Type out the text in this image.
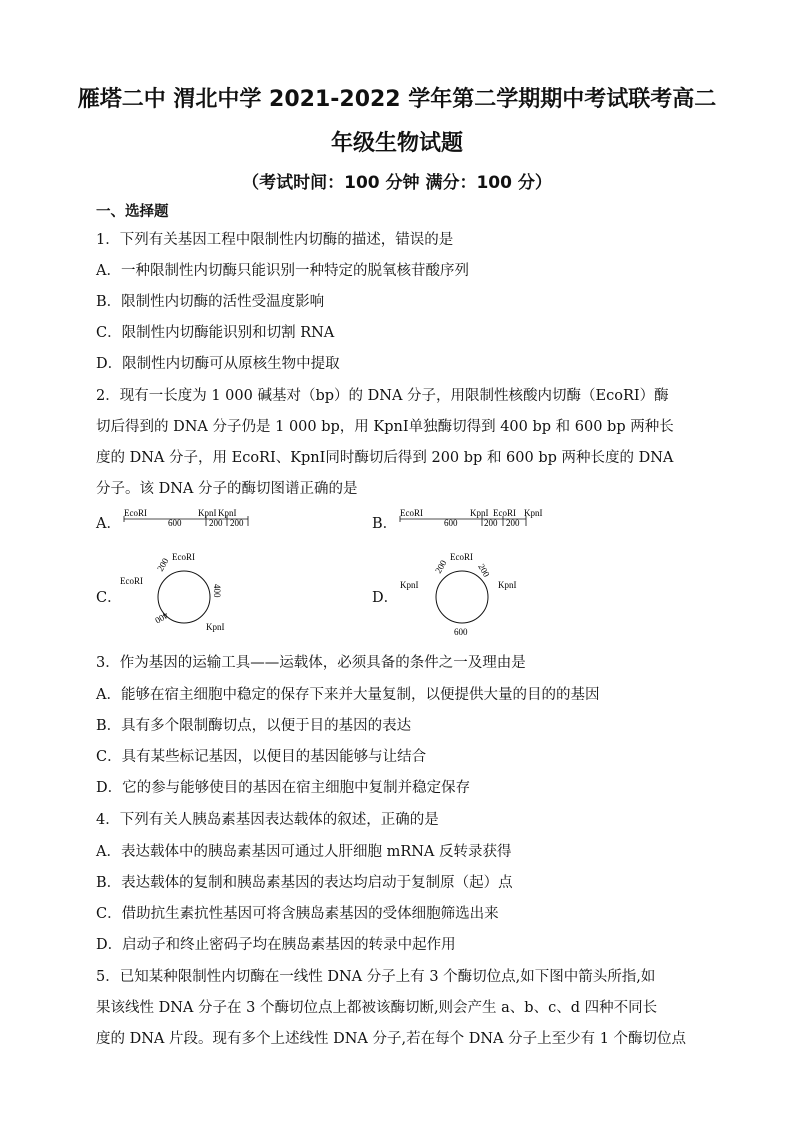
雁塔二中 渭北中学 2021-2022 学年第二学期期中考试联考高二
年级生物试题
（考试时间：100 分钟 满分：100 分）
一、选择题
1．下列有关基因工程中限制性内切酶的描述，错误的是
A．一种限制性内切酶只能识别一种特定的脱氧核苷酸序列
B．限制性内切酶的活性受温度影响
C．限制性内切酶能识别和切割 RNA
D．限制性内切酶可从原核生物中提取
2．现有一长度为 1 000 碱基对（bp）的 DNA 分子，用限制性核酸内切酶（EcoRⅠ）酶
切后得到的 DNA 分子仍是 1 000 bp，用 KpnⅠ单独酶切得到 400 bp 和 600 bp 两种长
度的 DNA 分子，用 EcoRⅠ、KpnⅠ同时酶切后得到 200 bp 和 600 bp 两种长度的 DNA
分子。该 DNA 分子的酶切图谱正确的是
A．	B．
C．	D．
EcoRI
600
KpnI KpnI
200 200
EcoRI
600
KpnI EcoRI KpnI
200 200
EcoRI
EcoRI
200
400
400
KpnI
EcoRI
KpnI	KpnI
200	200
600
3．作为基因的运输工具——运载体，必须具备的条件之一及理由是
A．能够在宿主细胞中稳定的保存下来并大量复制，以便提供大量的目的的基因
B．具有多个限制酶切点，以便于目的基因的表达
C．具有某些标记基因，以便目的基因能够与让结合
D．它的参与能够使目的基因在宿主细胞中复制并稳定保存
4．下列有关人胰岛素基因表达载体的叙述，正确的是
A．表达载体中的胰岛素基因可通过人肝细胞 mRNA 反转录获得
B．表达载体的复制和胰岛素基因的表达均启动于复制原（起）点
C．借助抗生素抗性基因可将含胰岛素基因的受体细胞筛选出来
D．启动子和终止密码子均在胰岛素基因的转录中起作用
5．已知某种限制性内切酶在一线性 DNA 分子上有 3 个酶切位点,如下图中箭头所指,如
果该线性 DNA 分子在 3 个酶切位点上都被该酶切断,则会产生 a、b、c、d 四种不同长
度的 DNA 片段。现有多个上述线性 DNA 分子,若在每个 DNA 分子上至少有 1 个酶切位点
